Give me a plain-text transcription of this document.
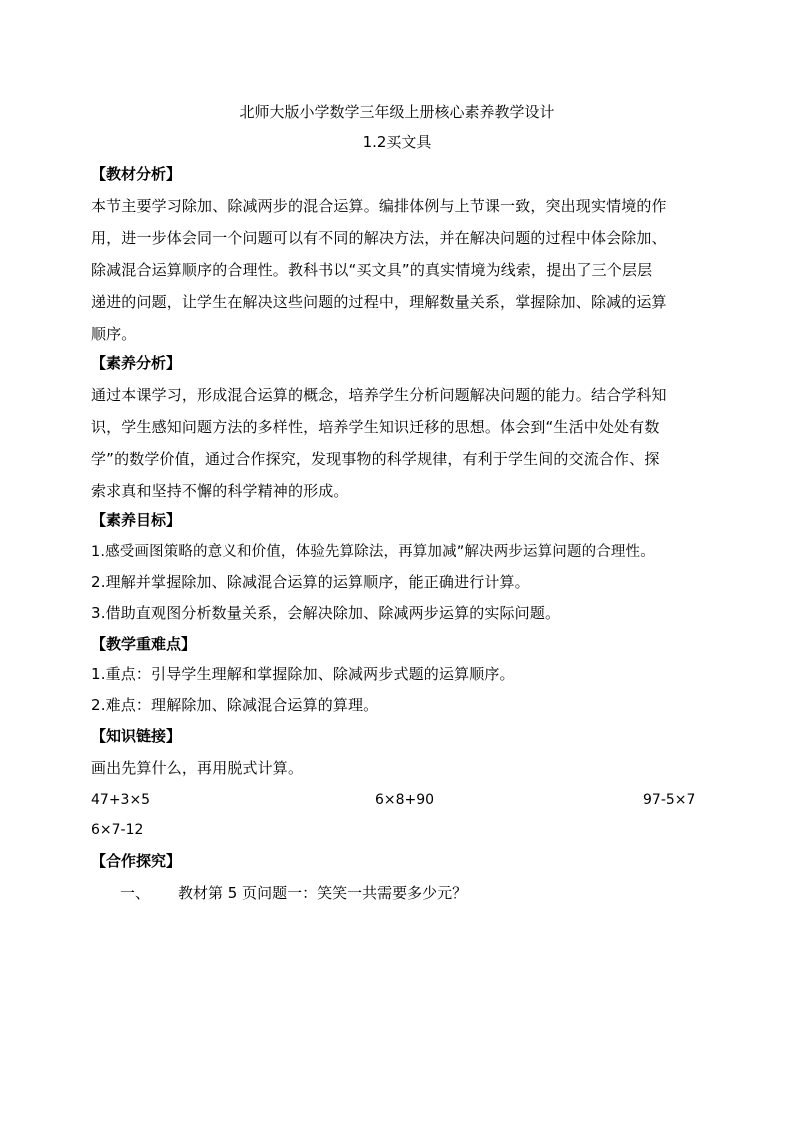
北师大版小学数学三年级上册核心素养教学设计
1.2买文具
【教材分析】
本节主要学习除加、除减两步的混合运算。编排体例与上节课一致，突出现实情境的作
用，进一步体会同一个问题可以有不同的解决方法，并在解决问题的过程中体会除加、
除减混合运算顺序的合理性。教科书以“买文具”的真实情境为线索，提出了三个层层
递进的问题，让学生在解决这些问题的过程中，理解数量关系，掌握除加、除减的运算
顺序。
【素养分析】
通过本课学习，形成混合运算的概念，培养学生分析问题解决问题的能力。结合学科知
识，学生感知问题方法的多样性，培养学生知识迁移的思想。体会到“生活中处处有数
学”的数学价值，通过合作探究，发现事物的科学规律，有利于学生间的交流合作、探
索求真和坚持不懈的科学精神的形成。
【素养目标】
1.感受画图策略的意义和价值，体验先算除法，再算加减”解决两步运算问题的合理性。
2.理解并掌握除加、除减混合运算的运算顺序，能正确进行计算。
3.借助直观图分析数量关系，会解决除加、除减两步运算的实际问题。
【教学重难点】
1.重点：引导学生理解和掌握除加、除减两步式题的运算顺序。
2.难点：理解除加、除减混合运算的算理。
【知识链接】
画出先算什么，再用脱式计算。
47+3×5	6×8+90	97-5×7
6×7-12
【合作探究】
一、 教材第 5 页问题一：笑笑一共需要多少元？
